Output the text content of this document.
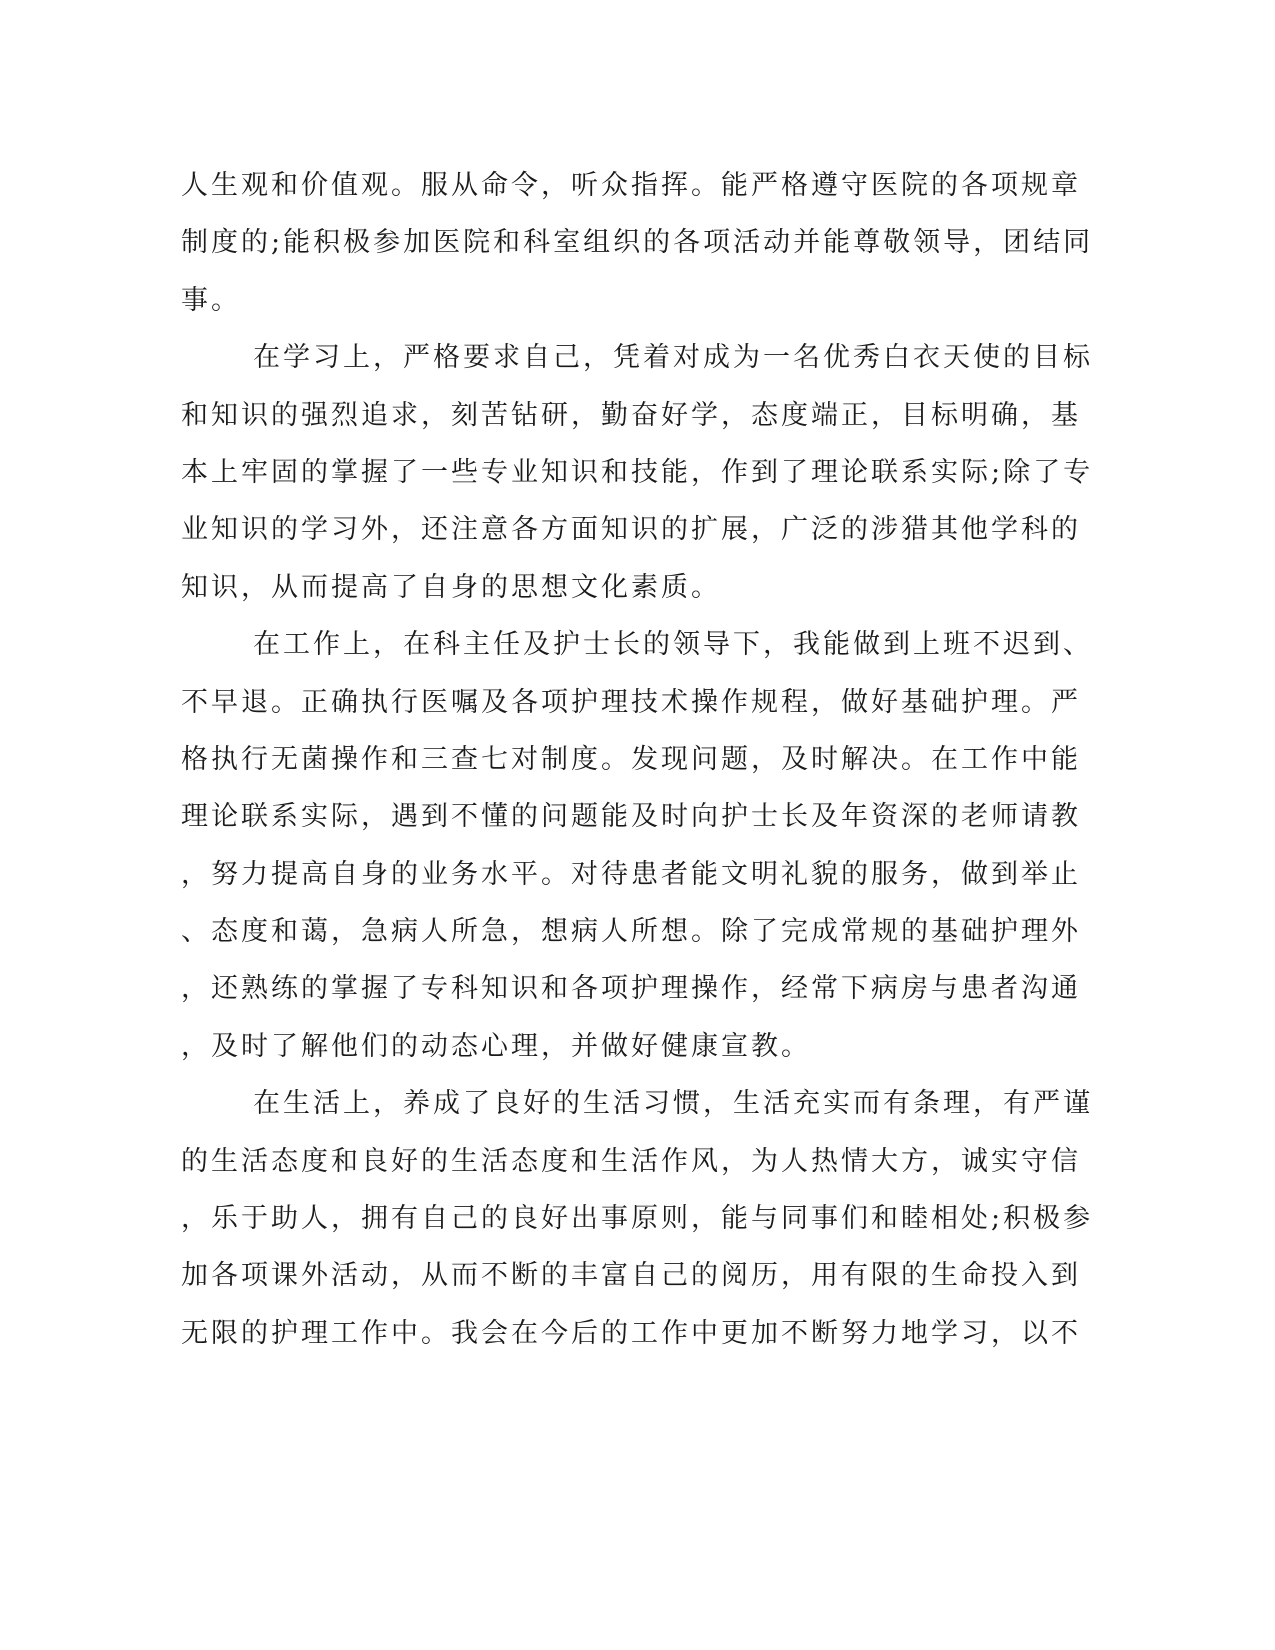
人生观和价值观。服从命令，听众指挥。能严格遵守医院的各项规章
制度的;能积极参加医院和科室组织的各项活动并能尊敬领导，团结同
事。
在学习上，严格要求自己，凭着对成为一名优秀白衣天使的目标
和知识的强烈追求，刻苦钻研，勤奋好学，态度端正，目标明确，基
本上牢固的掌握了一些专业知识和技能，作到了理论联系实际;除了专
业知识的学习外，还注意各方面知识的扩展，广泛的涉猎其他学科的
知识，从而提高了自身的思想文化素质。
在工作上，在科主任及护士长的领导下，我能做到上班不迟到、
不早退。正确执行医嘱及各项护理技术操作规程，做好基础护理。严
格执行无菌操作和三查七对制度。发现问题，及时解决。在工作中能
理论联系实际，遇到不懂的问题能及时向护士长及年资深的老师请教
，努力提高自身的业务水平。对待患者能文明礼貌的服务，做到举止
、态度和蔼，急病人所急，想病人所想。除了完成常规的基础护理外
，还熟练的掌握了专科知识和各项护理操作，经常下病房与患者沟通
，及时了解他们的动态心理，并做好健康宣教。
在生活上，养成了良好的生活习惯，生活充实而有条理，有严谨
的生活态度和良好的生活态度和生活作风，为人热情大方，诚实守信
，乐于助人，拥有自己的良好出事原则，能与同事们和睦相处;积极参
加各项课外活动，从而不断的丰富自己的阅历，用有限的生命投入到
无限的护理工作中。我会在今后的工作中更加不断努力地学习，以不
